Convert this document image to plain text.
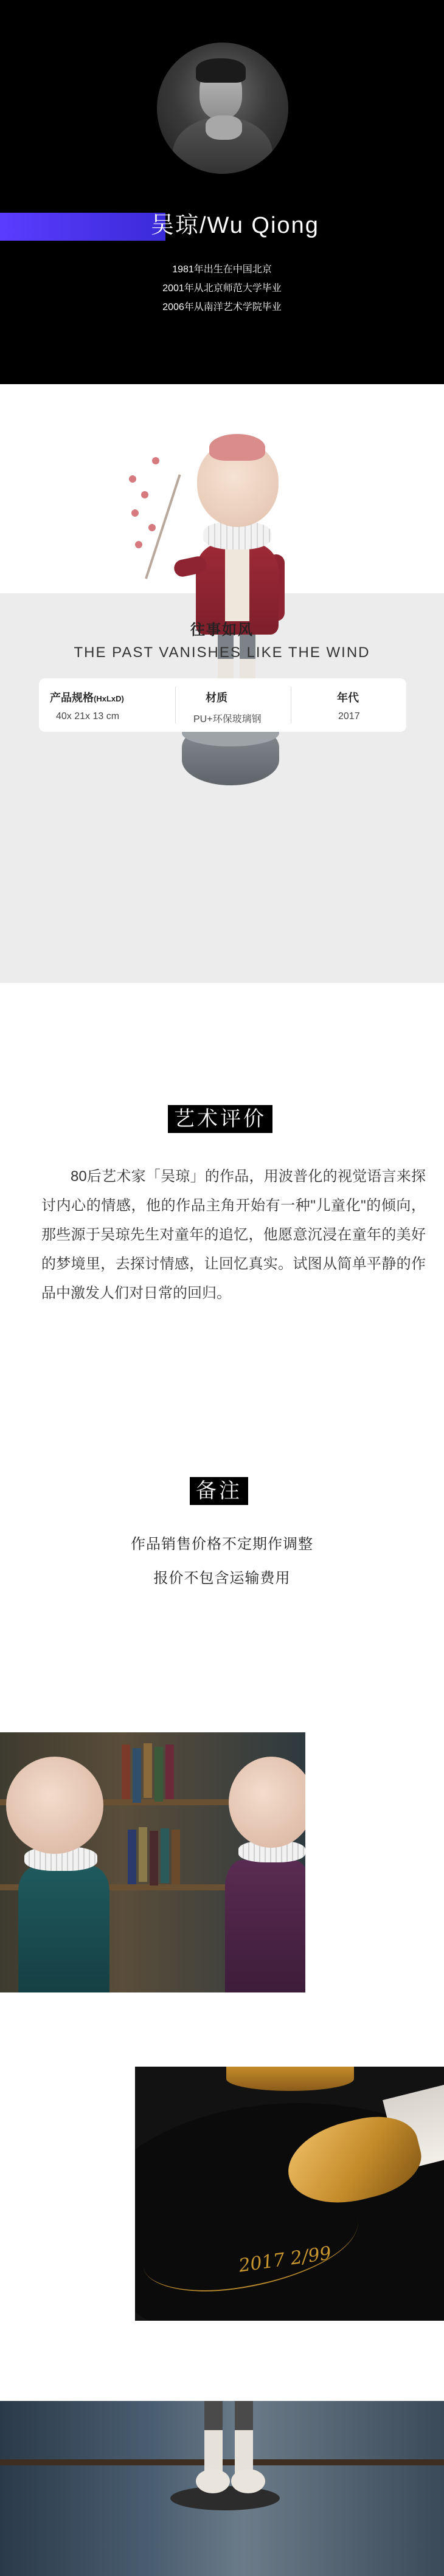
吴琼/Wu Qiong
1981年出生在中国北京
2001年从北京师范大学毕业
2006年从南洋艺术学院毕业
往事如风
THE PAST VANISHES LIKE THE WIND
产品规格(HxLxD)
40x 21x 13 cm
材质
PU+环保玻璃钢
年代
2017
艺术评价

80后艺术家「吴琼」的作品，用波普化的视觉语言来探讨内心的情感，他的作品主角开始有一种"儿童化"的倾向，那些源于吴琼先生对童年的追忆，他愿意沉浸在童年的美好的梦境里，去探讨情感，让回忆真实。试图从简单平静的作品中激发人们对日常的回归。

备注
作品销售价格不定期作调整
报价不包含运输费用
2017 2/99
